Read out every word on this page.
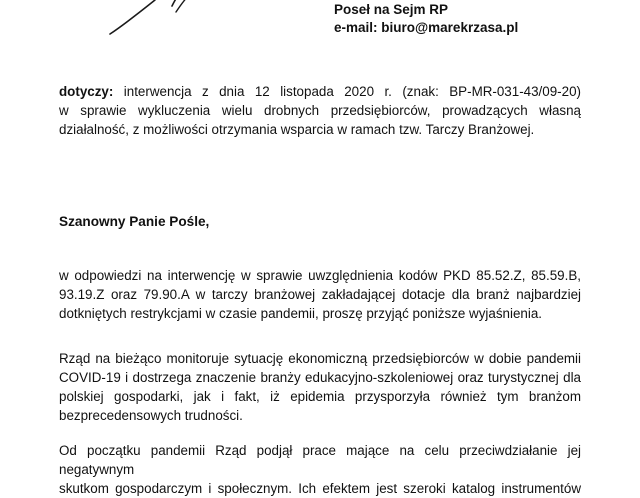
Poseł na Sejm RP
e-mail: biuro@marekrzasa.pl
dotyczy: interwencja z dnia 12 listopada 2020 r. (znak: BP-MR-031-43/09-20)
w sprawie wykluczenia wielu drobnych przedsiębiorców, prowadzących własną
działalność, z możliwości otrzymania wsparcia w ramach tzw. Tarczy Branżowej.
Szanowny Panie Pośle,
w odpowiedzi na interwencję w sprawie uwzględnienia kodów PKD 85.52.Z, 85.59.B,
93.19.Z oraz 79.90.A w tarczy branżowej zakładającej dotacje dla branż najbardziej
dotkniętych restrykcjami w czasie pandemii, proszę przyjąć poniższe wyjaśnienia.
Rząd na bieżąco monitoruje sytuację ekonomiczną przedsiębiorców w dobie pandemii
COVID-19 i dostrzega znaczenie branży edukacyjno-szkoleniowej oraz turystycznej dla
polskiej gospodarki, jak i fakt, iż epidemia przysporzyła również tym branżom
bezprecedensowych trudności.
Od początku pandemii Rząd podjął prace mające na celu przeciwdziałanie jej negatywnym
skutkom gospodarczym i społecznym. Ich efektem jest szeroki katalog instrumentów
